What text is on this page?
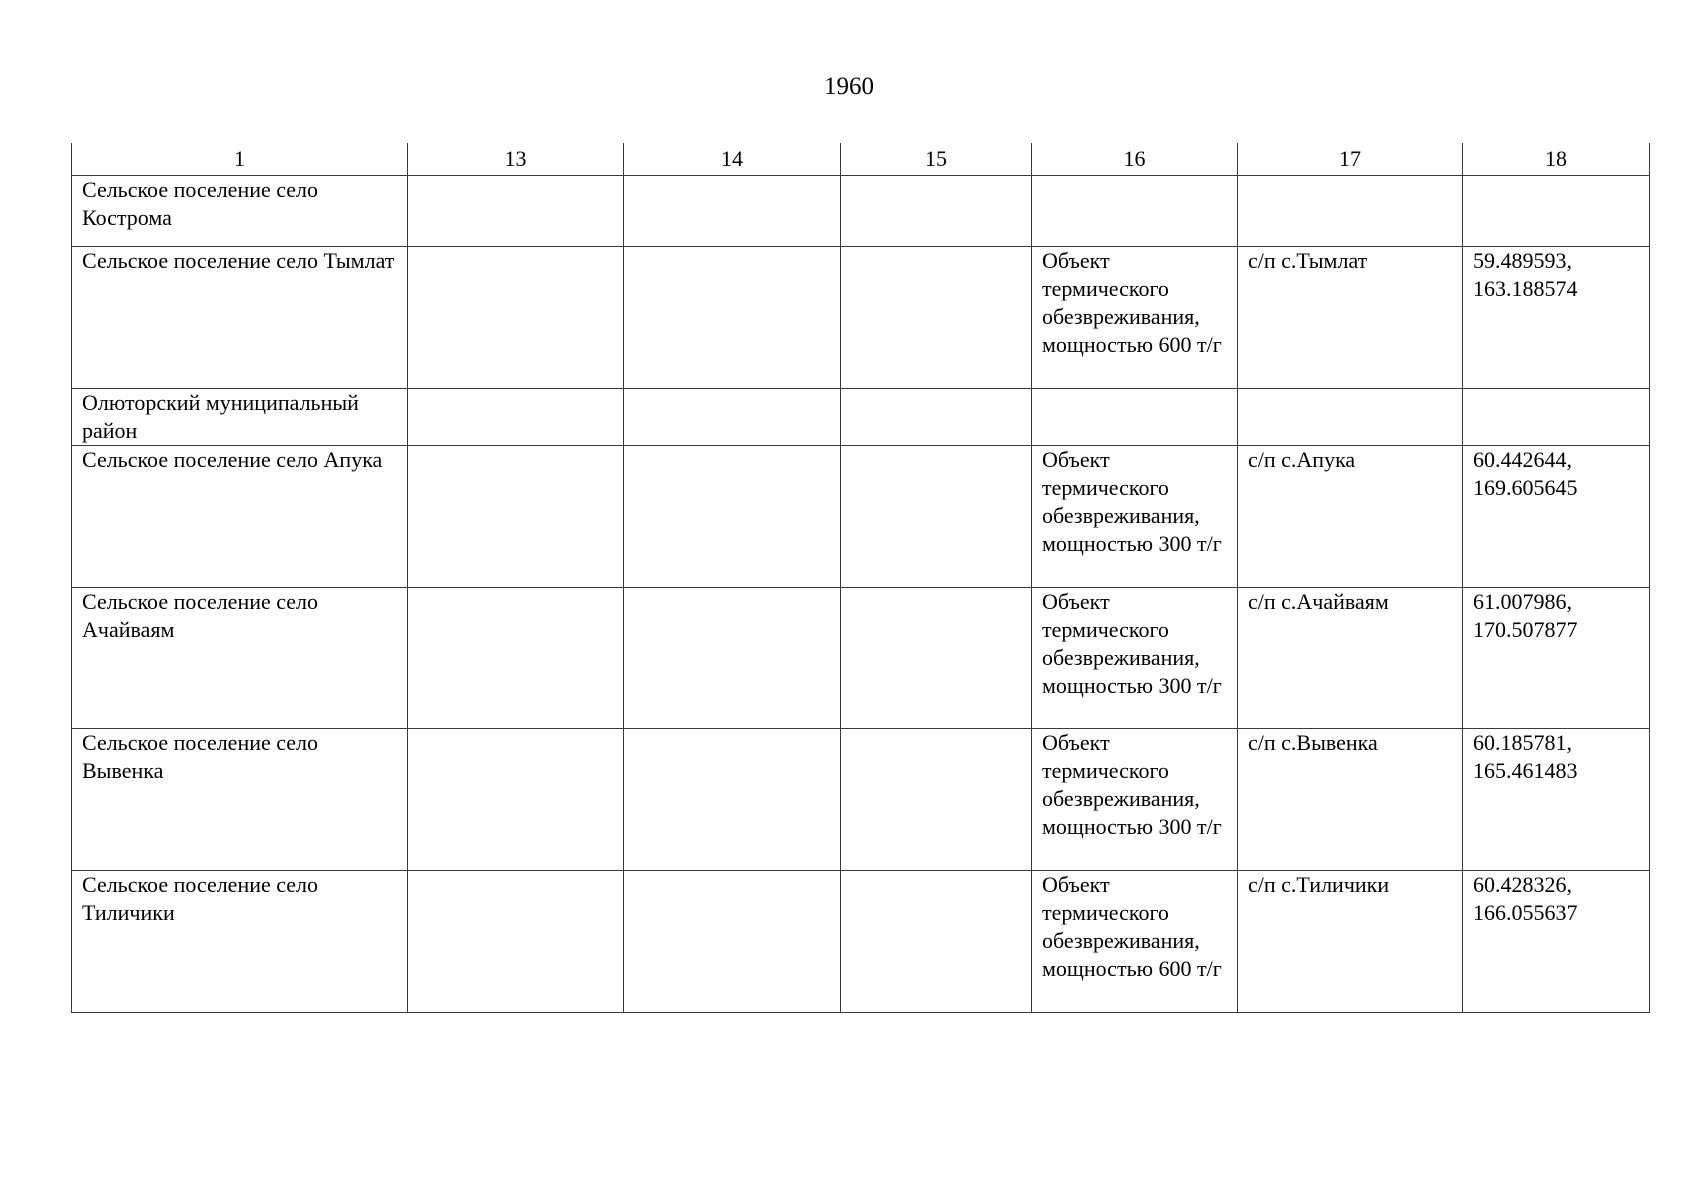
1960
1	13	14	15	16	17	18
Сельское поселение село Кострома						
Сельское поселение село Тымлат				Объект термического обезвреживания, мощностью 600 т/г	с/п с.Тымлат	59.489593, 163.188574
Олюторский муниципальный район						
Сельское поселение село Апука				Объект термического обезвреживания, мощностью 300 т/г	с/п с.Апука	60.442644, 169.605645
Сельское поселение село Ачайваям				Объект термического обезвреживания, мощностью 300 т/г	с/п с.Ачайваям	61.007986, 170.507877
Сельское поселение село Вывенка				Объект термического обезвреживания, мощностью 300 т/г	с/п с.Вывенка	60.185781, 165.461483
Сельское поселение село Тиличики				Объект термического обезвреживания, мощностью 600 т/г	с/п с.Тиличики	60.428326, 166.055637
